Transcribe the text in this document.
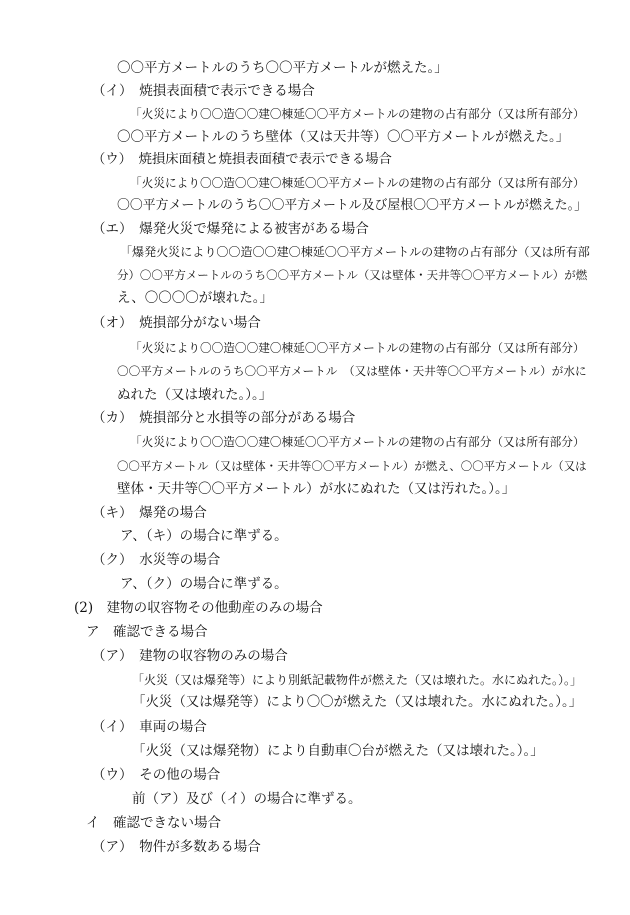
〇〇平方メートルのうち〇〇平方メートルが燃えた。」
（イ）　焼損表面積で表示できる場合
「火災により〇〇造〇〇建〇棟延〇〇平方メートルの建物の占有部分（又は所有部分）
〇〇平方メートルのうち壁体（又は天井等）〇〇平方メートルが燃えた。」
（ウ）　焼損床面積と焼損表面積で表示できる場合
「火災により〇〇造〇〇建〇棟延〇〇平方メートルの建物の占有部分（又は所有部分）
〇〇平方メートルのうち〇〇平方メートル及び屋根〇〇平方メートルが燃えた。」
（エ）　爆発火災で爆発による被害がある場合
「爆発火災により〇〇造〇〇建〇棟延〇〇平方メートルの建物の占有部分（又は所有部
分）〇〇平方メートルのうち〇〇平方メートル（又は壁体・天井等〇〇平方メートル）が燃
え、〇〇〇〇が壊れた。」
（オ）　焼損部分がない場合
「火災により〇〇造〇〇建〇棟延〇〇平方メートルの建物の占有部分（又は所有部分）
〇〇平方メートルのうち〇〇平方メートル　（又は壁体・天井等〇〇平方メートル）が水に
ぬれた（又は壊れた。）。」
（カ）　焼損部分と水損等の部分がある場合
「火災により〇〇造〇〇建〇棟延〇〇平方メートルの建物の占有部分（又は所有部分）
〇〇平方メートル（又は壁体・天井等〇〇平方メートル）が燃え、〇〇平方メートル（又は
壁体・天井等〇〇平方メートル）が水にぬれた（又は汚れた。）。」
（キ）　爆発の場合
ア、（キ）の場合に準ずる。
（ク）　水災等の場合
ア、（ク）の場合に準ずる。
(2)　建物の収容物その他動産のみの場合
ア　確認できる場合
（ア）　建物の収容物のみの場合
「火災（又は爆発等）により別紙記載物件が燃えた（又は壊れた。水にぬれた。）。」
「火災（又は爆発等）により〇〇が燃えた（又は壊れた。水にぬれた。）。」
（イ）　車両の場合
「火災（又は爆発物）により自動車〇台が燃えた（又は壊れた。）。」
（ウ）　その他の場合
前（ア）及び（イ）の場合に準ずる。
イ　確認できない場合
（ア）　物件が多数ある場合
